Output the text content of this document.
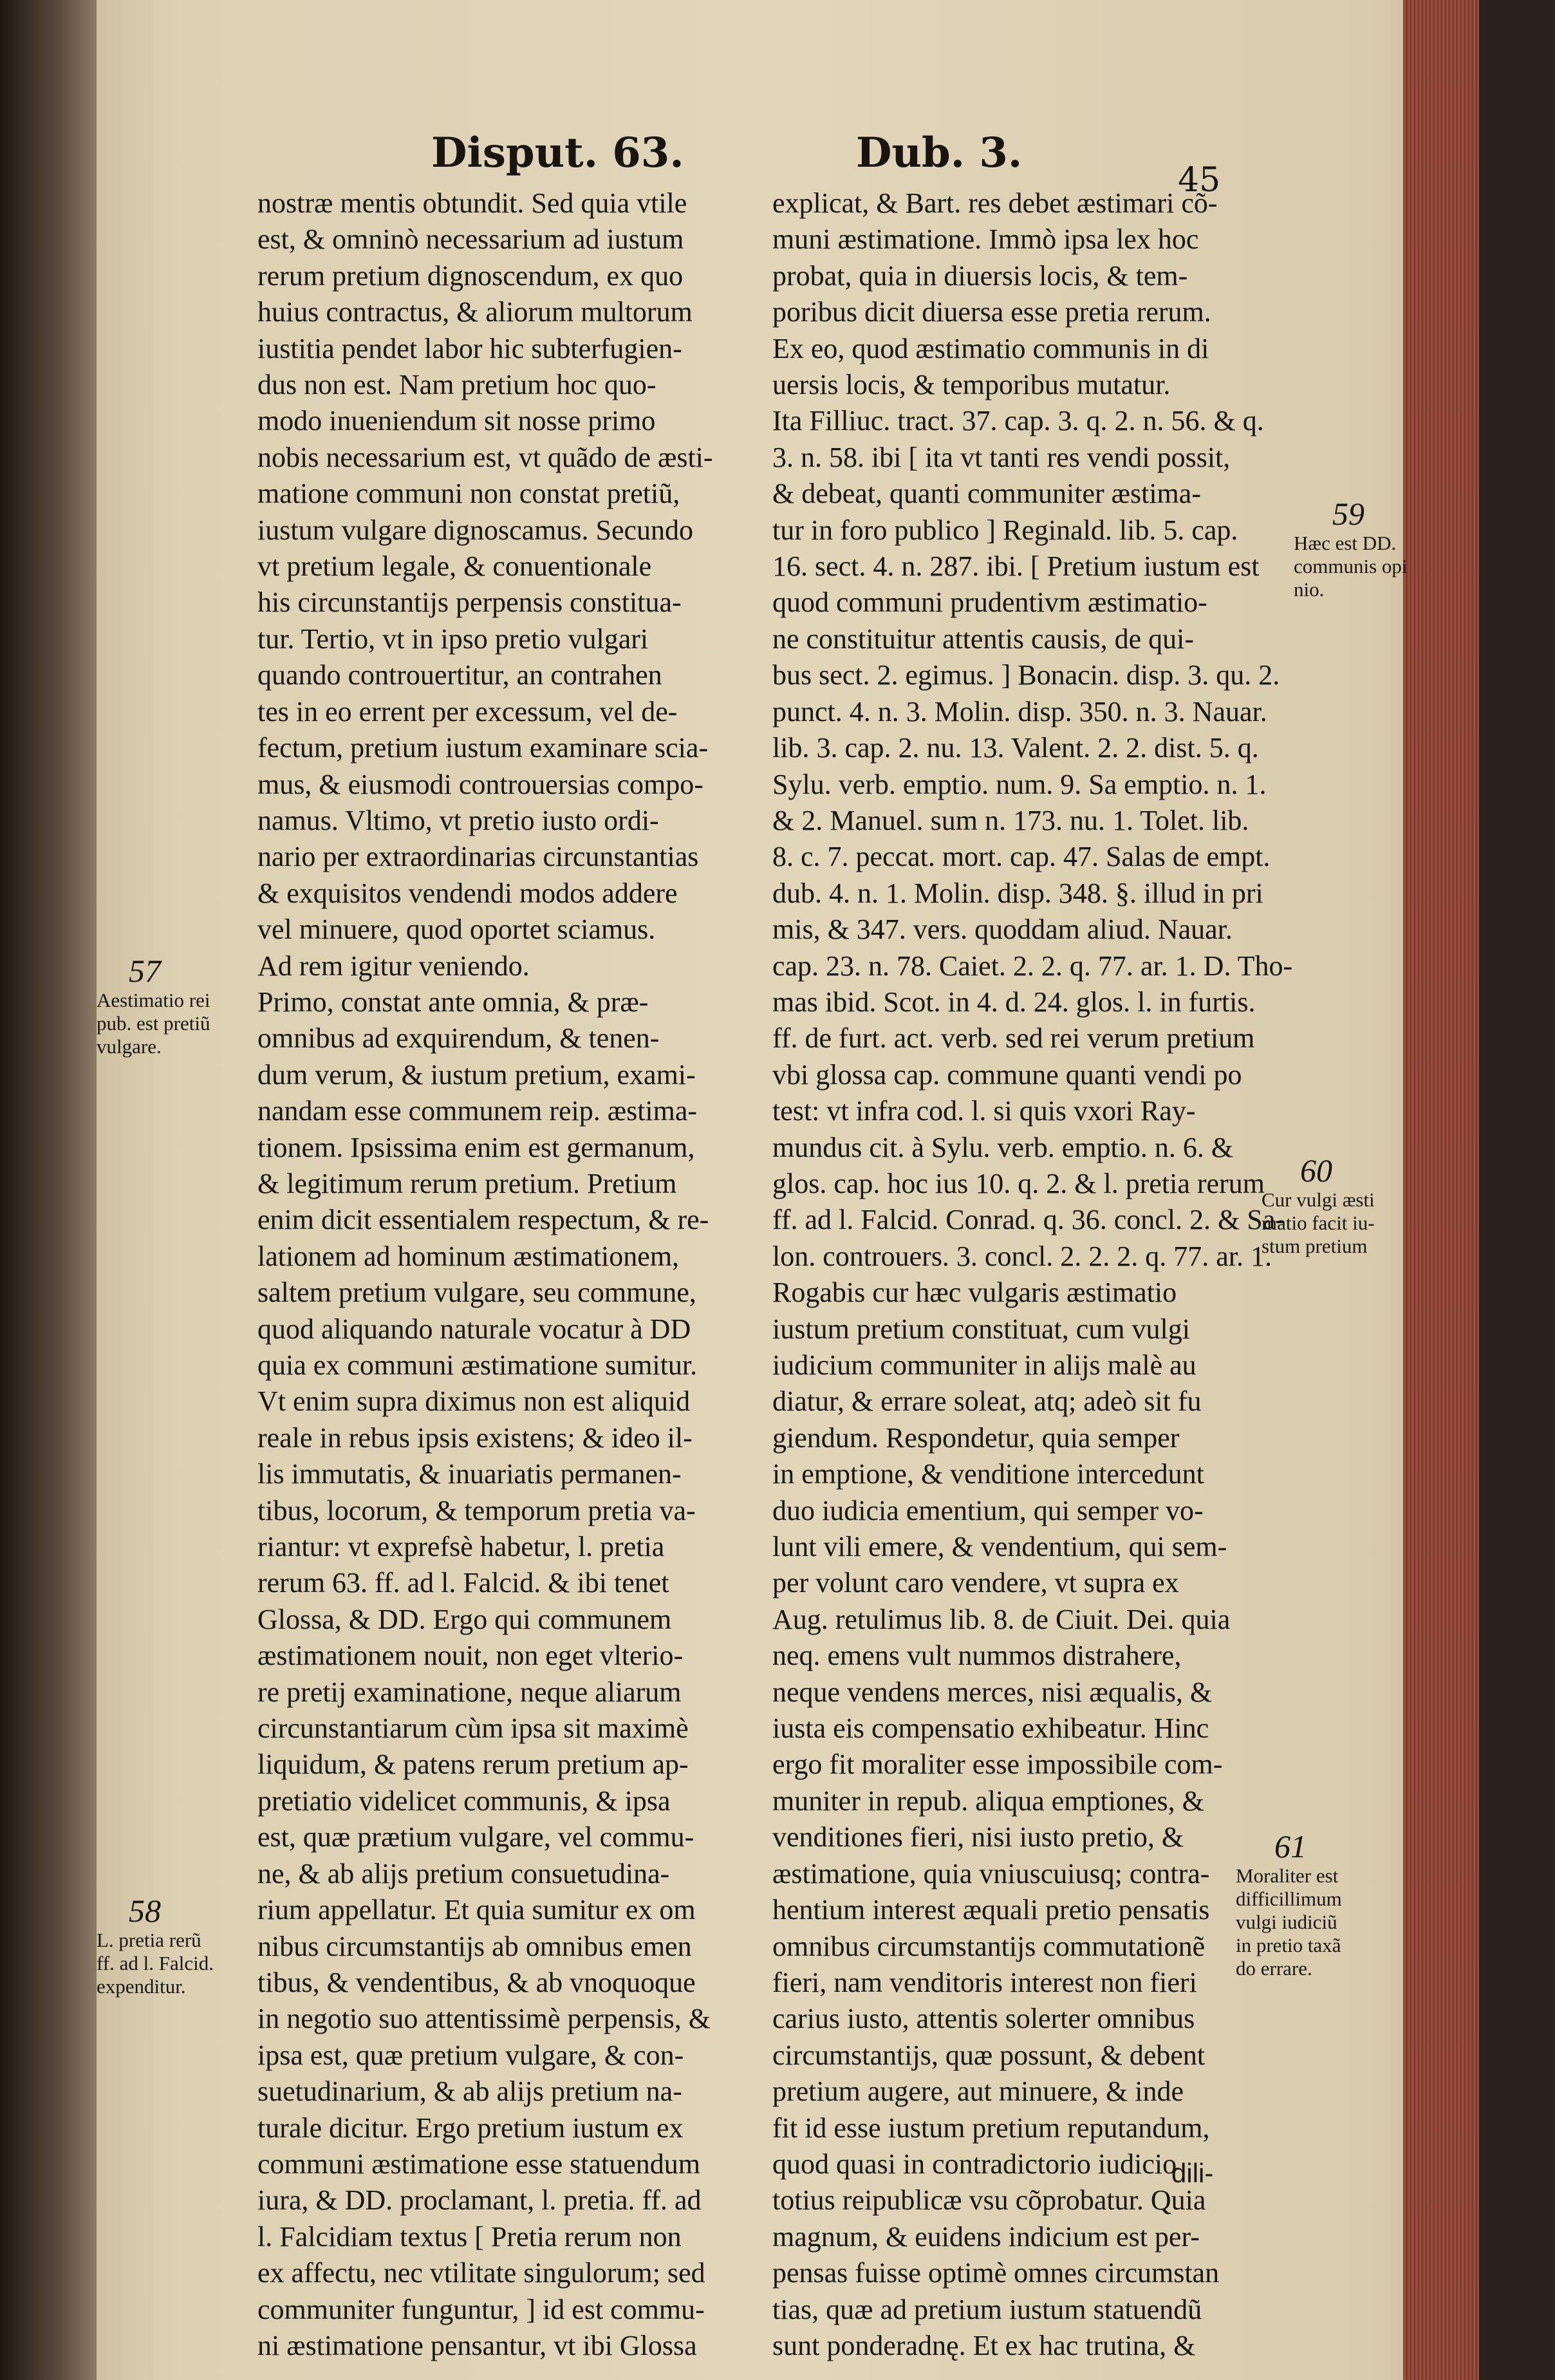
Disput. 63.	Dub. 3.
45

nostræ mentis obtundit. Sed quia vtile

est, & omninò necessarium ad iustum

rerum pretium dignoscendum, ex quo

huius contractus, & aliorum multorum

iustitia pendet labor hic subterfugien-

dus non est. Nam pretium hoc quo-

modo inueniendum sit nosse primo

nobis necessarium est, vt quãdo de æsti-

matione communi non constat pretiũ,

iustum vulgare dignoscamus. Secundo

vt pretium legale, & conuentionale

his circunstantijs perpensis constitua-

tur. Tertio, vt in ipso pretio vulgari

quando controuertitur, an contrahen

tes in eo errent per excessum, vel de-

fectum, pretium iustum examinare scia-

mus, & eiusmodi controuersias compo-

namus. Vltimo, vt pretio iusto ordi-

nario per extraordinarias circunstantias

& exquisitos vendendi modos addere

vel minuere, quod oportet sciamus.

Ad rem igitur veniendo.

Primo, constat ante omnia, & præ-

omnibus ad exquirendum, & tenen-

dum verum, & iustum pretium, exami-

nandam esse communem reip. æstima-

tionem. Ipsissima enim est germanum,

& legitimum rerum pretium. Pretium

enim dicit essentialem respectum, & re-

lationem ad hominum æstimationem,

saltem pretium vulgare, seu commune,

quod aliquando naturale vocatur à DD

quia ex communi æstimatione sumitur.

Vt enim supra diximus non est aliquid

reale in rebus ipsis existens; & ideo il-

lis immutatis, & inuariatis permanen-

tibus, locorum, & temporum pretia va-

riantur: vt exprefsè habetur, l. pretia

rerum 63. ff. ad l. Falcid. & ibi tenet

Glossa, & DD. Ergo qui communem

æstimationem nouit, non eget vlterio-

re pretij examinatione, neque aliarum

circunstantiarum cùm ipsa sit maximè

liquidum, & patens rerum pretium ap-

pretiatio videlicet communis, & ipsa

est, quæ prætium vulgare, vel commu-

ne, & ab alijs pretium consuetudina-

rium appellatur. Et quia sumitur ex om

nibus circumstantijs ab omnibus emen

tibus, & vendentibus, & ab vnoquoque

in negotio suo attentissimè perpensis, &

ipsa est, quæ pretium vulgare, & con-

suetudinarium, & ab alijs pretium na-

turale dicitur. Ergo pretium iustum ex

communi æstimatione esse statuendum

iura, & DD. proclamant, l. pretia. ff. ad

l. Falcidiam textus [ Pretia rerum non

ex affectu, nec vtilitate singulorum; sed

communiter funguntur, ] id est commu-

ni æstimatione pensantur, vt ibi Glossa

explicat, & Bart. res debet æstimari cõ-

muni æstimatione. Immò ipsa lex hoc

probat, quia in diuersis locis, & tem-

poribus dicit diuersa esse pretia rerum.

Ex eo, quod æstimatio communis in di

uersis locis, & temporibus mutatur.

Ita Filliuc. tract. 37. cap. 3. q. 2. n. 56. & q.

3. n. 58. ibi [ ita vt tanti res vendi possit,

& debeat, quanti communiter æstima-

tur in foro publico ] Reginald. lib. 5. cap.

16. sect. 4. n. 287. ibi. [ Pretium iustum est

quod communi prudentivm æstimatio-

ne constituitur attentis causis, de qui-

bus sect. 2. egimus. ] Bonacin. disp. 3. qu. 2.

punct. 4. n. 3. Molin. disp. 350. n. 3. Nauar.

lib. 3. cap. 2. nu. 13. Valent. 2. 2. dist. 5. q.

Sylu. verb. emptio. num. 9. Sa emptio. n. 1.

& 2. Manuel. sum n. 173. nu. 1. Tolet. lib.

8. c. 7. peccat. mort. cap. 47. Salas de empt.

dub. 4. n. 1. Molin. disp. 348. §. illud in pri

mis, & 347. vers. quoddam aliud. Nauar.

cap. 23. n. 78. Caiet. 2. 2. q. 77. ar. 1. D. Tho-

mas ibid. Scot. in 4. d. 24. glos. l. in furtis.

ff. de furt. act. verb. sed rei verum pretium

vbi glossa cap. commune quanti vendi po

test: vt infra cod. l. si quis vxori Ray-

mundus cit. à Sylu. verb. emptio. n. 6. &

glos. cap. hoc ius 10. q. 2. & l. pretia rerum

ff. ad l. Falcid. Conrad. q. 36. concl. 2. & Sa-

lon. controuers. 3. concl. 2. 2. 2. q. 77. ar. 1.

Rogabis cur hæc vulgaris æstimatio

iustum pretium constituat, cum vulgi

iudicium communiter in alijs malè au

diatur, & errare soleat, atq; adeò sit fu

giendum. Respondetur, quia semper

in emptione, & venditione intercedunt

duo iudicia ementium, qui semper vo-

lunt vili emere, & vendentium, qui sem-

per volunt caro vendere, vt supra ex

Aug. retulimus lib. 8. de Ciuit. Dei. quia

neq. emens vult nummos distrahere,

neque vendens merces, nisi æqualis, &

iusta eis compensatio exhibeatur. Hinc

ergo fit moraliter esse impossibile com-

muniter in repub. aliqua emptiones, &

venditiones fieri, nisi iusto pretio, &

æstimatione, quia vniuscuiusq; contra-

hentium interest æquali pretio pensatis

omnibus circumstantijs commutationẽ

fieri, nam venditoris interest non fieri

carius iusto, attentis solerter omnibus

circumstantijs, quæ possunt, & debent

pretium augere, aut minuere, & inde

fit id esse iustum pretium reputandum,

quod quasi in contradictorio iudicio

totius reipublicæ vsu cõprobatur. Quia

magnum, & euidens indicium est per-

pensas fuisse optimè omnes circumstan

tias, quæ ad pretium iustum statuendũ

sunt ponderadnę. Et ex hac trutina, &

dili-
57
Aestimatio rei
pub. est pretiũ
vulgare.
58
L. pretia rerũ
ff. ad l. Falcid.
expenditur.
59
Hæc est DD.
communis opi
nio.
60
Cur vulgi æsti
matio facit iu-
stum pretium
61
Moraliter est
difficillimum
vulgi iudiciũ
in pretio taxã
do errare.
